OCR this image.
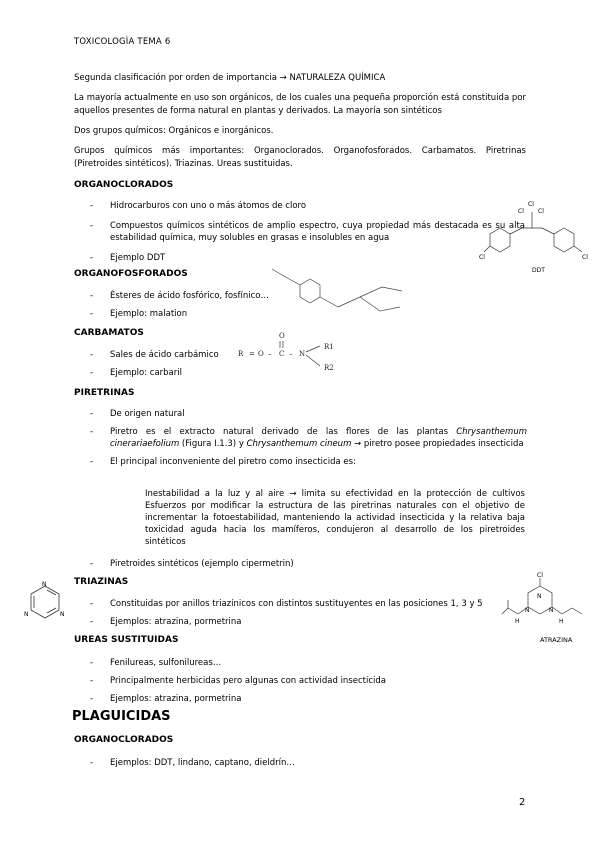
TOXICOLOGÌA TEMA 6
Segunda clasificación por orden de importancia → NATURALEZA QUÍMICA
La mayoría actualmente en uso son orgánicos, de los cuales una pequeña proporción está constituida por aquellos presentes de forma natural en plantas y derivados. La mayoría son sintéticos
Dos grupos químicos: Orgánicos e inorgánicos.
Grupos químicos más importantes: Organoclorados. Organofosforados. Carbamatos. Piretrinas (Piretroides sintéticos). Triazinas. Ureas sustituidas.
ORGANOCLORADOS
- Hidrocarburos con uno o más átomos de cloro
- Compuestos químicos sintéticos de amplio espectro, cuya propiedad más destacada es su alta estabilidad química, muy solubles en grasas e insolubles en agua
- Ejemplo DDT
Cl
Cl Cl
Cl	Cl
DDT
ORGANOFOSFORADOS
- Ésteres de ácido fosfórico, fosfínico…
- Ejemplo: malation
CARBAMATOS
- Sales de ácido carbámico
- Ejemplo: carbaril
R = O – C – N
O
R1
R2
PIRETRINAS
- De origen natural
- Piretro es el extracto natural derivado de las flores de las plantas Chrysanthemum cinerariaefolium (Figura I.1.3) y Chrysanthemum cineum → piretro posee propiedades insecticida
- El principal inconveniente del piretro como insecticida es:
Inestabilidad a la luz y al aire → limita su efectividad en la protección de cultivos Esfuerzos por modificar la estructura de las piretrinas naturales con el objetivo de incrementar la fotoestabilidad, manteniendo la actividad insecticida y la relativa baja toxicidad aguda hacia los mamíferos, condujeron al desarrollo de los piretroides sintéticos
- Piretroides sintéticos (ejemplo cipermetrin)
TRIAZINAS
- Constituidas por anillos triazínicos con distintos sustituyentes en las posiciones 1, 3 y 5
- Ejemplos: atrazina, pormetrina
N
N	N
Cl
N
N	N
H	H
ATRAZINA
UREAS SUSTITUIDAS
- Fenilureas, sulfonilureas…
- Principalmente herbicidas pero algunas con actividad insecticida
- Ejemplos: atrazina, pormetrina
PLAGUICIDAS
ORGANOCLORADOS
- Ejemplos: DDT, lindano, captano, dieldrín…
2
